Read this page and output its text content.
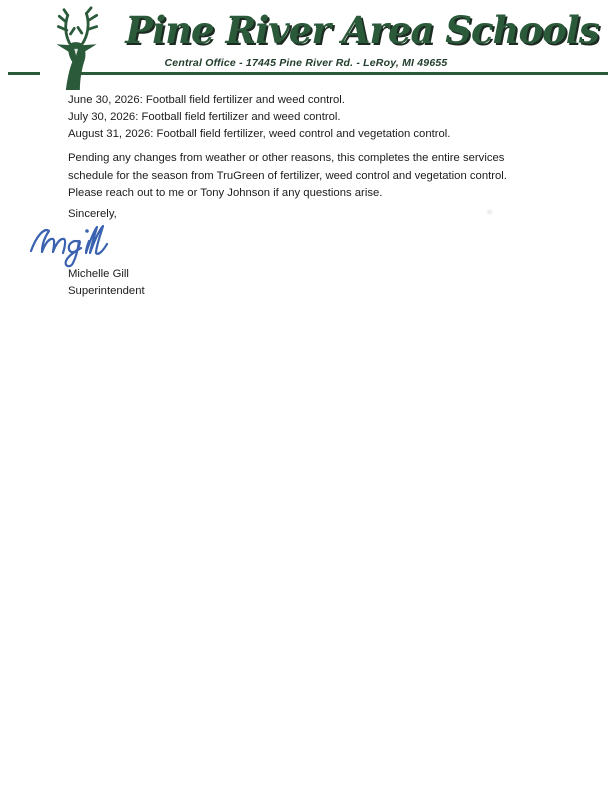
Pine River Area Schools
Central Office - 17445 Pine River Rd. - LeRoy, MI 49655
June 30, 2026: Football field fertilizer and weed control.
July 30, 2026: Football field fertilizer and weed control.
August 31, 2026: Football field fertilizer, weed control and vegetation control.
Pending any changes from weather or other reasons, this completes the entire services schedule for the season from TruGreen of fertilizer, weed control and vegetation control. Please reach out to me or Tony Johnson if any questions arise.
Sincerely,
Michelle Gill
Superintendent
